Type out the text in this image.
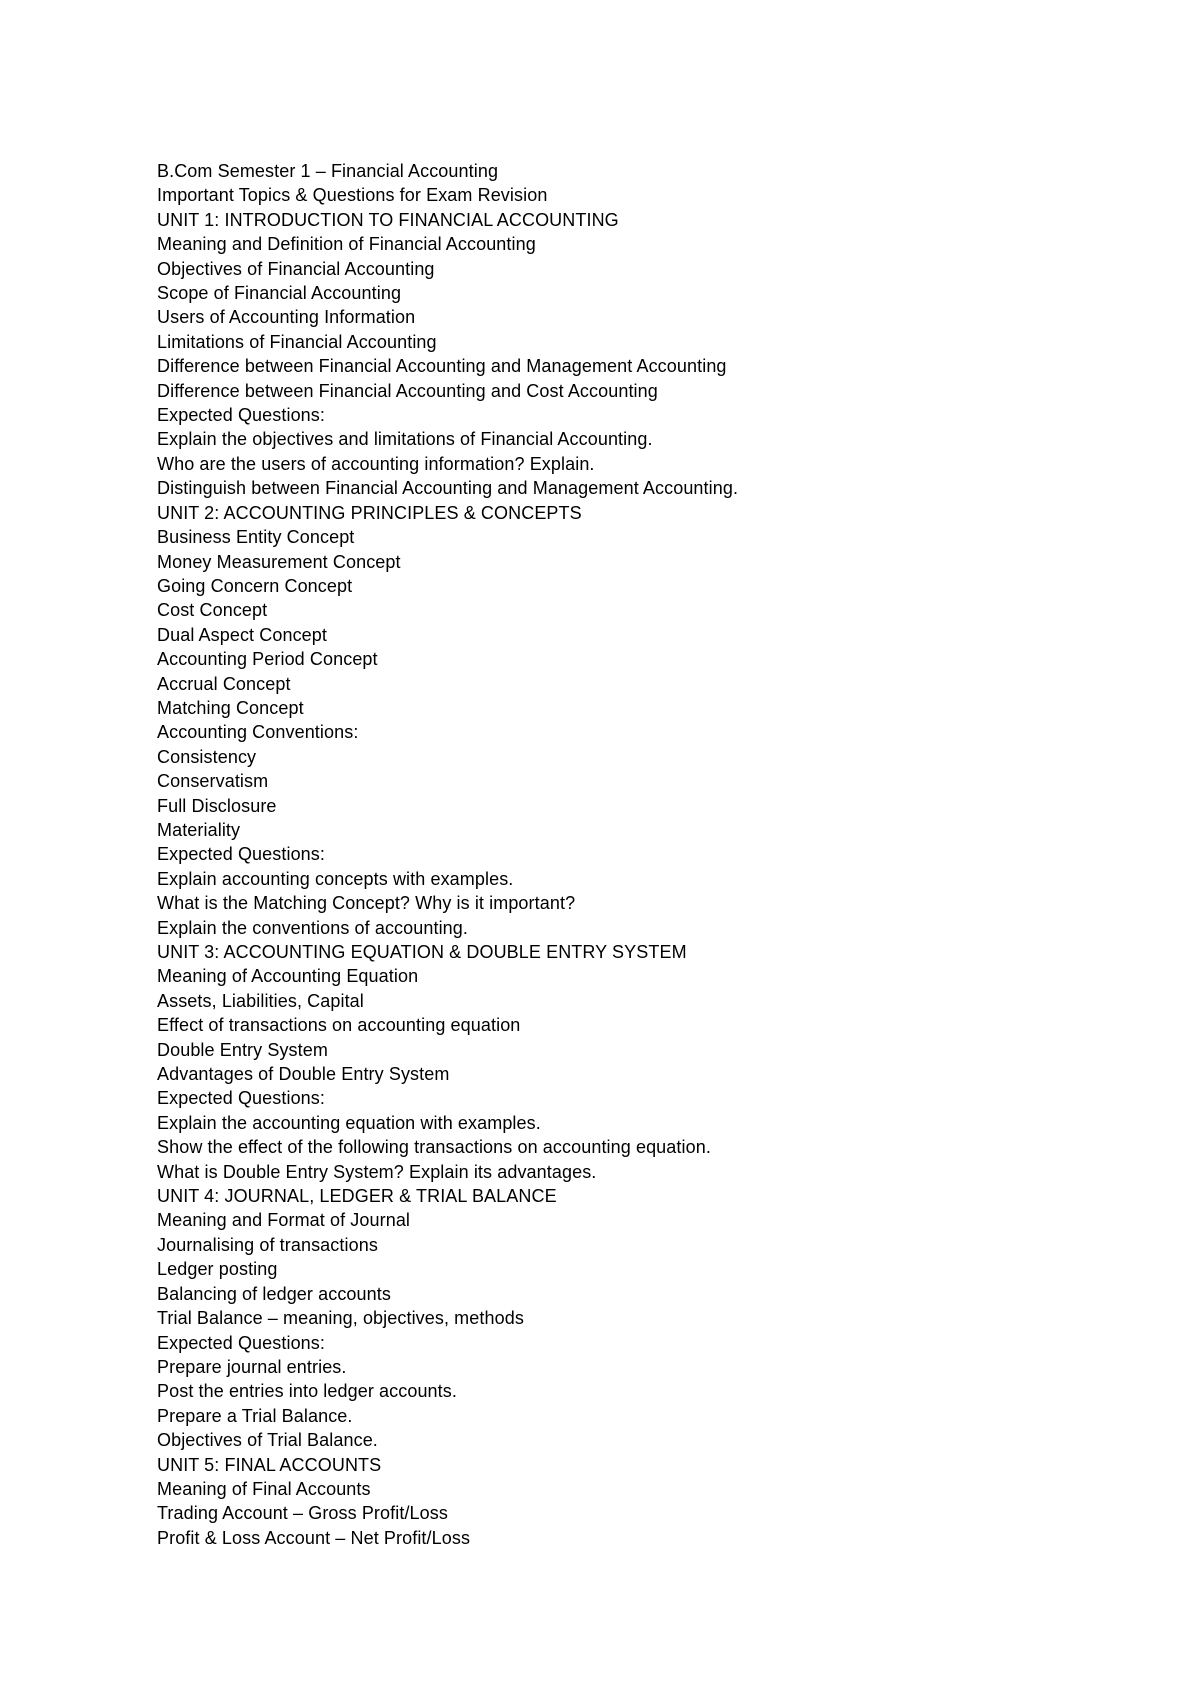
B.Com Semester 1 – Financial Accounting
Important Topics & Questions for Exam Revision
UNIT 1: INTRODUCTION TO FINANCIAL ACCOUNTING
Meaning and Definition of Financial Accounting
Objectives of Financial Accounting
Scope of Financial Accounting
Users of Accounting Information
Limitations of Financial Accounting
Difference between Financial Accounting and Management Accounting
Difference between Financial Accounting and Cost Accounting
Expected Questions:
Explain the objectives and limitations of Financial Accounting.
Who are the users of accounting information? Explain.
Distinguish between Financial Accounting and Management Accounting.
UNIT 2: ACCOUNTING PRINCIPLES & CONCEPTS
Business Entity Concept
Money Measurement Concept
Going Concern Concept
Cost Concept
Dual Aspect Concept
Accounting Period Concept
Accrual Concept
Matching Concept
Accounting Conventions:
Consistency
Conservatism
Full Disclosure
Materiality
Expected Questions:
Explain accounting concepts with examples.
What is the Matching Concept? Why is it important?
Explain the conventions of accounting.
UNIT 3: ACCOUNTING EQUATION & DOUBLE ENTRY SYSTEM
Meaning of Accounting Equation
Assets, Liabilities, Capital
Effect of transactions on accounting equation
Double Entry System
Advantages of Double Entry System
Expected Questions:
Explain the accounting equation with examples.
Show the effect of the following transactions on accounting equation.
What is Double Entry System? Explain its advantages.
UNIT 4: JOURNAL, LEDGER & TRIAL BALANCE
Meaning and Format of Journal
Journalising of transactions
Ledger posting
Balancing of ledger accounts
Trial Balance – meaning, objectives, methods
Expected Questions:
Prepare journal entries.
Post the entries into ledger accounts.
Prepare a Trial Balance.
Objectives of Trial Balance.
UNIT 5: FINAL ACCOUNTS
Meaning of Final Accounts
Trading Account – Gross Profit/Loss
Profit & Loss Account – Net Profit/Loss
